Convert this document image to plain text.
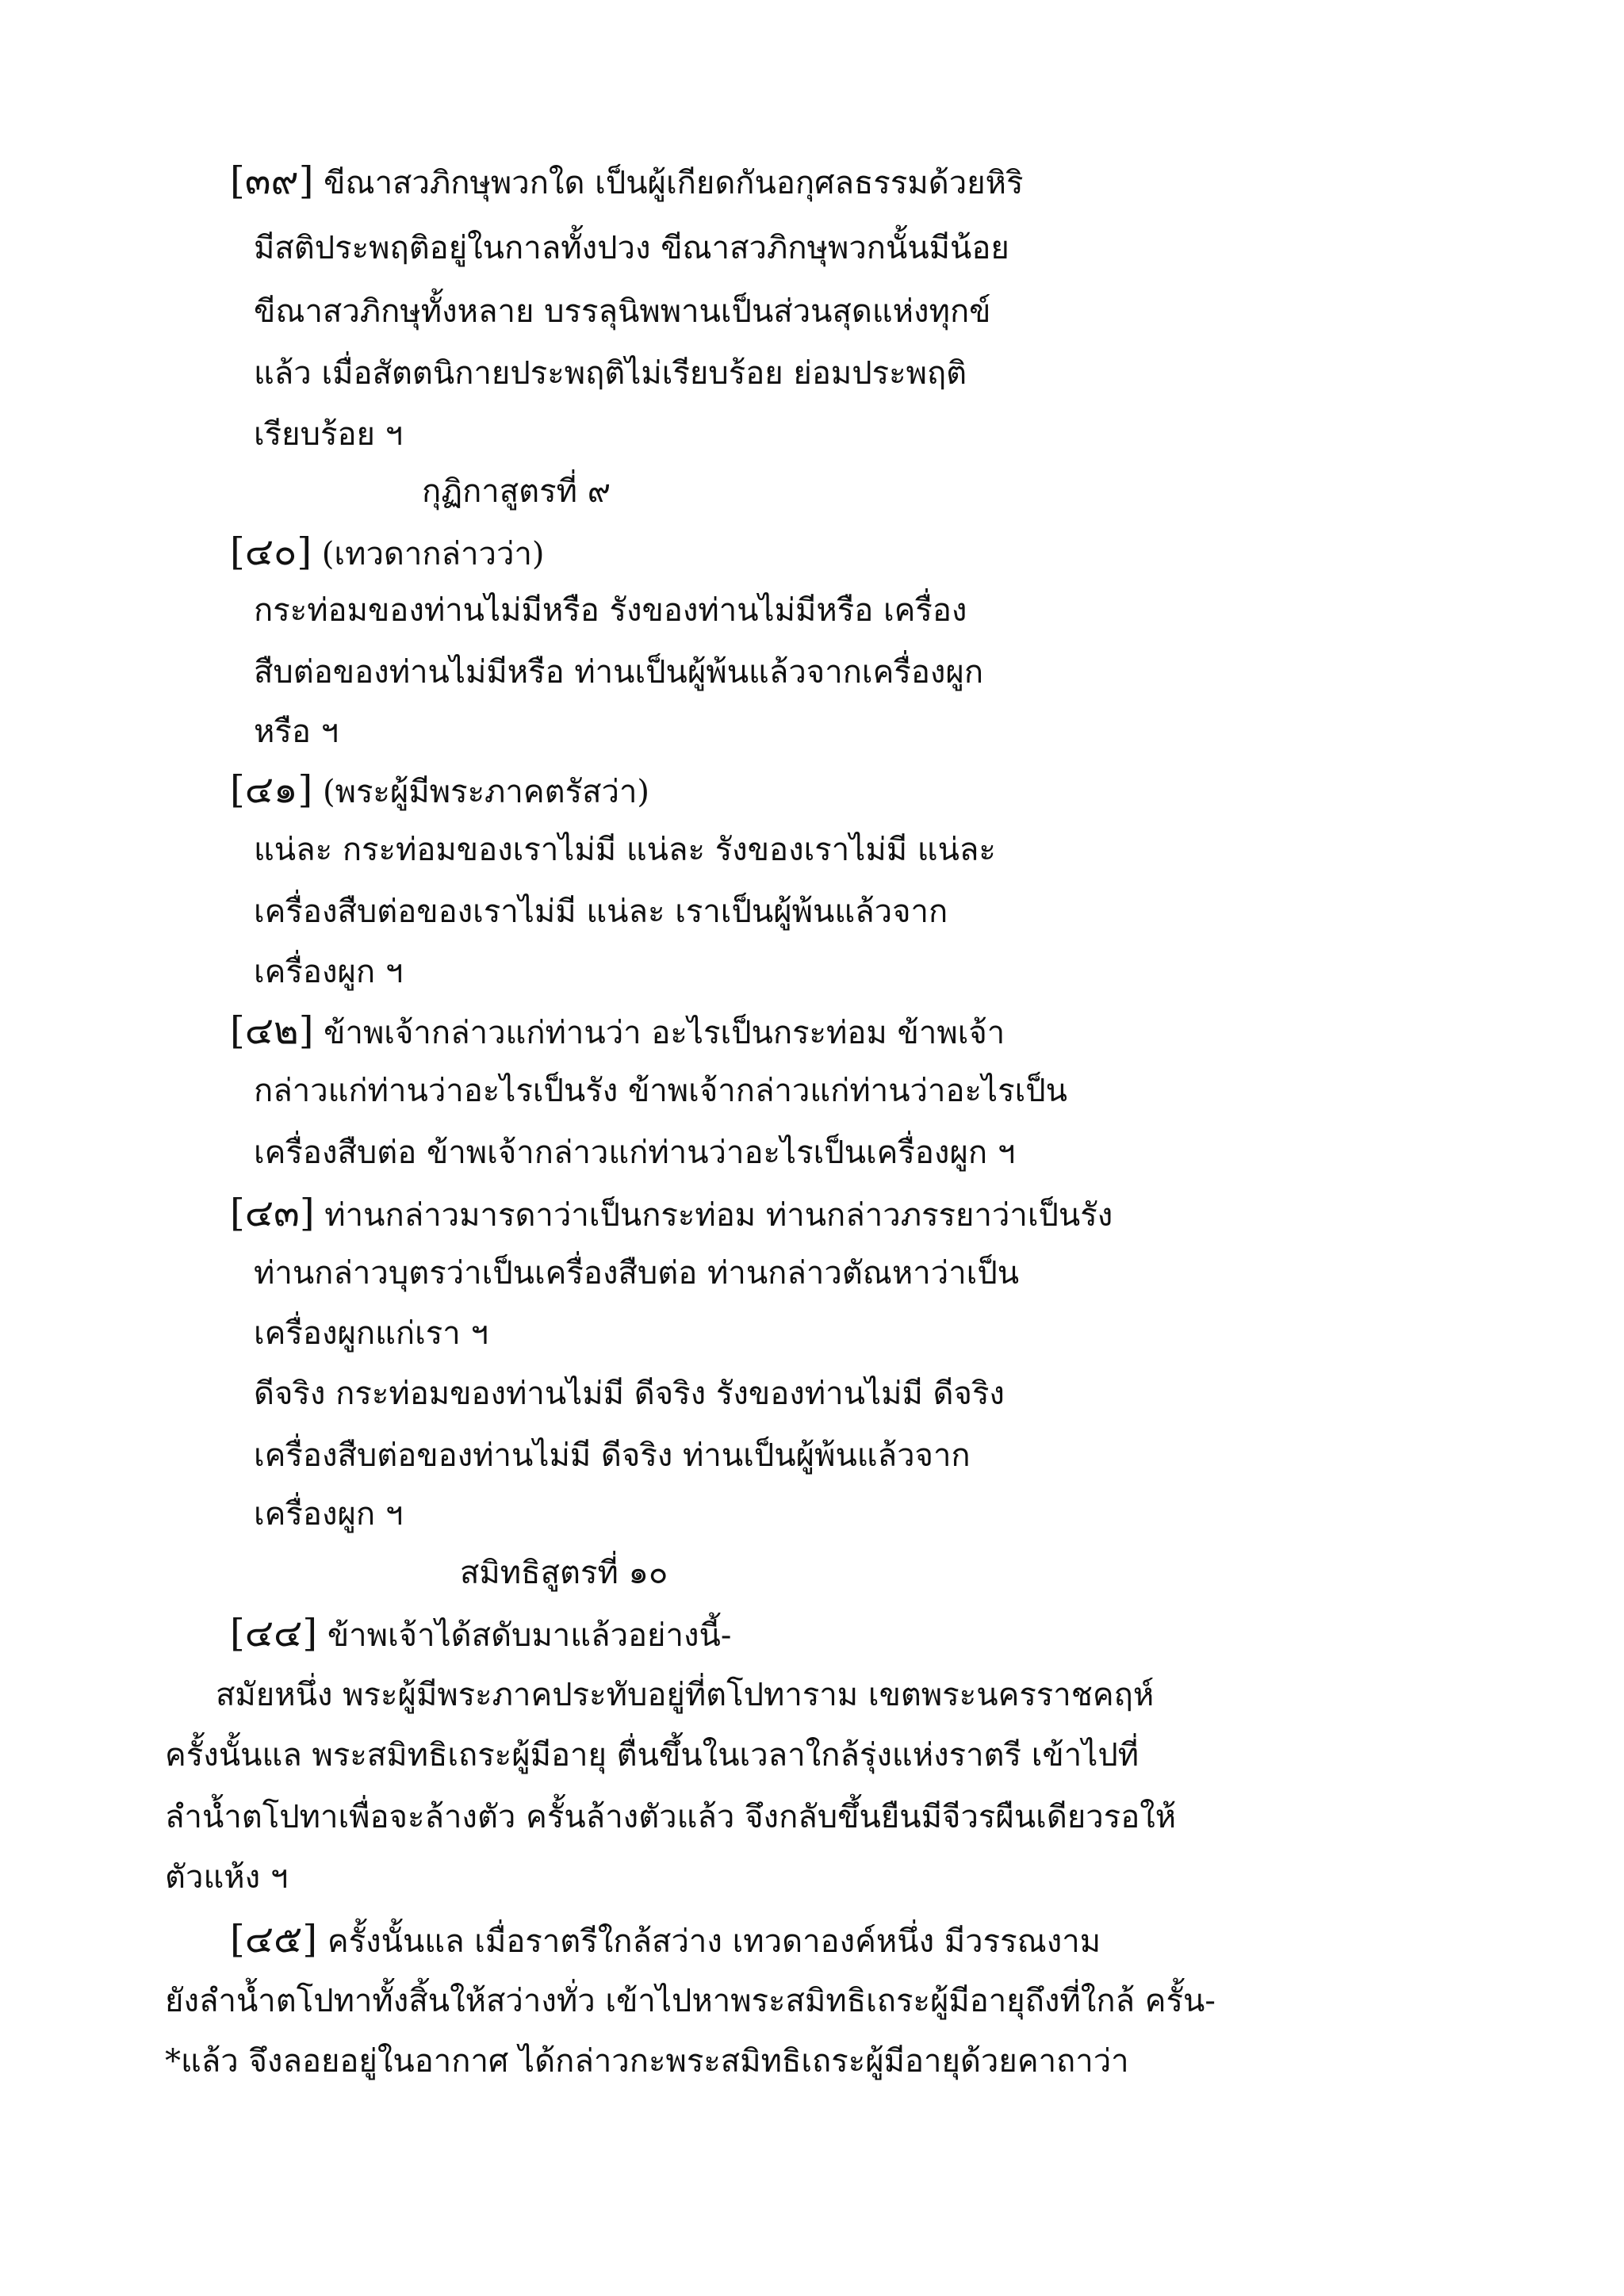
[๓๙] ขีณาสวภิกษุพวกใด เป็นผู้เกียดกันอกุศลธรรมด้วยหิริ
มีสติประพฤติอยู่ในกาลทั้งปวง ขีณาสวภิกษุพวกนั้นมีน้อย
ขีณาสวภิกษุทั้งหลาย บรรลุนิพพานเป็นส่วนสุดแห่งทุกข์
แล้ว เมื่อสัตตนิกายประพฤติไม่เรียบร้อย ย่อมประพฤติ
เรียบร้อย ฯ
กุฏิกาสูตรที่ ๙
[๔๐] (เทวดากล่าวว่า)
กระท่อมของท่านไม่มีหรือ รังของท่านไม่มีหรือ เครื่อง
สืบต่อของท่านไม่มีหรือ ท่านเป็นผู้พ้นแล้วจากเครื่องผูก
หรือ ฯ
[๔๑] (พระผู้มีพระภาคตรัสว่า)
แน่ละ กระท่อมของเราไม่มี แน่ละ รังของเราไม่มี แน่ละ
เครื่องสืบต่อของเราไม่มี แน่ละ เราเป็นผู้พ้นแล้วจาก
เครื่องผูก ฯ
[๔๒] ข้าพเจ้ากล่าวแก่ท่านว่า อะไรเป็นกระท่อม ข้าพเจ้า
กล่าวแก่ท่านว่าอะไรเป็นรัง ข้าพเจ้ากล่าวแก่ท่านว่าอะไรเป็น
เครื่องสืบต่อ ข้าพเจ้ากล่าวแก่ท่านว่าอะไรเป็นเครื่องผูก ฯ
[๔๓] ท่านกล่าวมารดาว่าเป็นกระท่อม ท่านกล่าวภรรยาว่าเป็นรัง
ท่านกล่าวบุตรว่าเป็นเครื่องสืบต่อ ท่านกล่าวตัณหาว่าเป็น
เครื่องผูกแก่เรา ฯ
ดีจริง กระท่อมของท่านไม่มี ดีจริง รังของท่านไม่มี ดีจริง
เครื่องสืบต่อของท่านไม่มี ดีจริง ท่านเป็นผู้พ้นแล้วจาก
เครื่องผูก ฯ
สมิทธิสูตรที่ ๑๐
[๔๔] ข้าพเจ้าได้สดับมาแล้วอย่างนี้-
สมัยหนึ่ง พระผู้มีพระภาคประทับอยู่ที่ตโปทาราม เขตพระนครราชคฤห์
ครั้งนั้นแล พระสมิทธิเถระผู้มีอายุ ตื่นขึ้นในเวลาใกล้รุ่งแห่งราตรี เข้าไปที่
ลำน้ำตโปทาเพื่อจะล้างตัว ครั้นล้างตัวแล้ว จึงกลับขึ้นยืนมีจีวรผืนเดียวรอให้
ตัวแห้ง ฯ
[๔๕] ครั้งนั้นแล เมื่อราตรีใกล้สว่าง เทวดาองค์หนึ่ง มีวรรณงาม
ยังลำน้ำตโปทาทั้งสิ้นให้สว่างทั่ว เข้าไปหาพระสมิทธิเถระผู้มีอายุถึงที่ใกล้ ครั้น-
*แล้ว จึงลอยอยู่ในอากาศ ได้กล่าวกะพระสมิทธิเถระผู้มีอายุด้วยคาถาว่า
